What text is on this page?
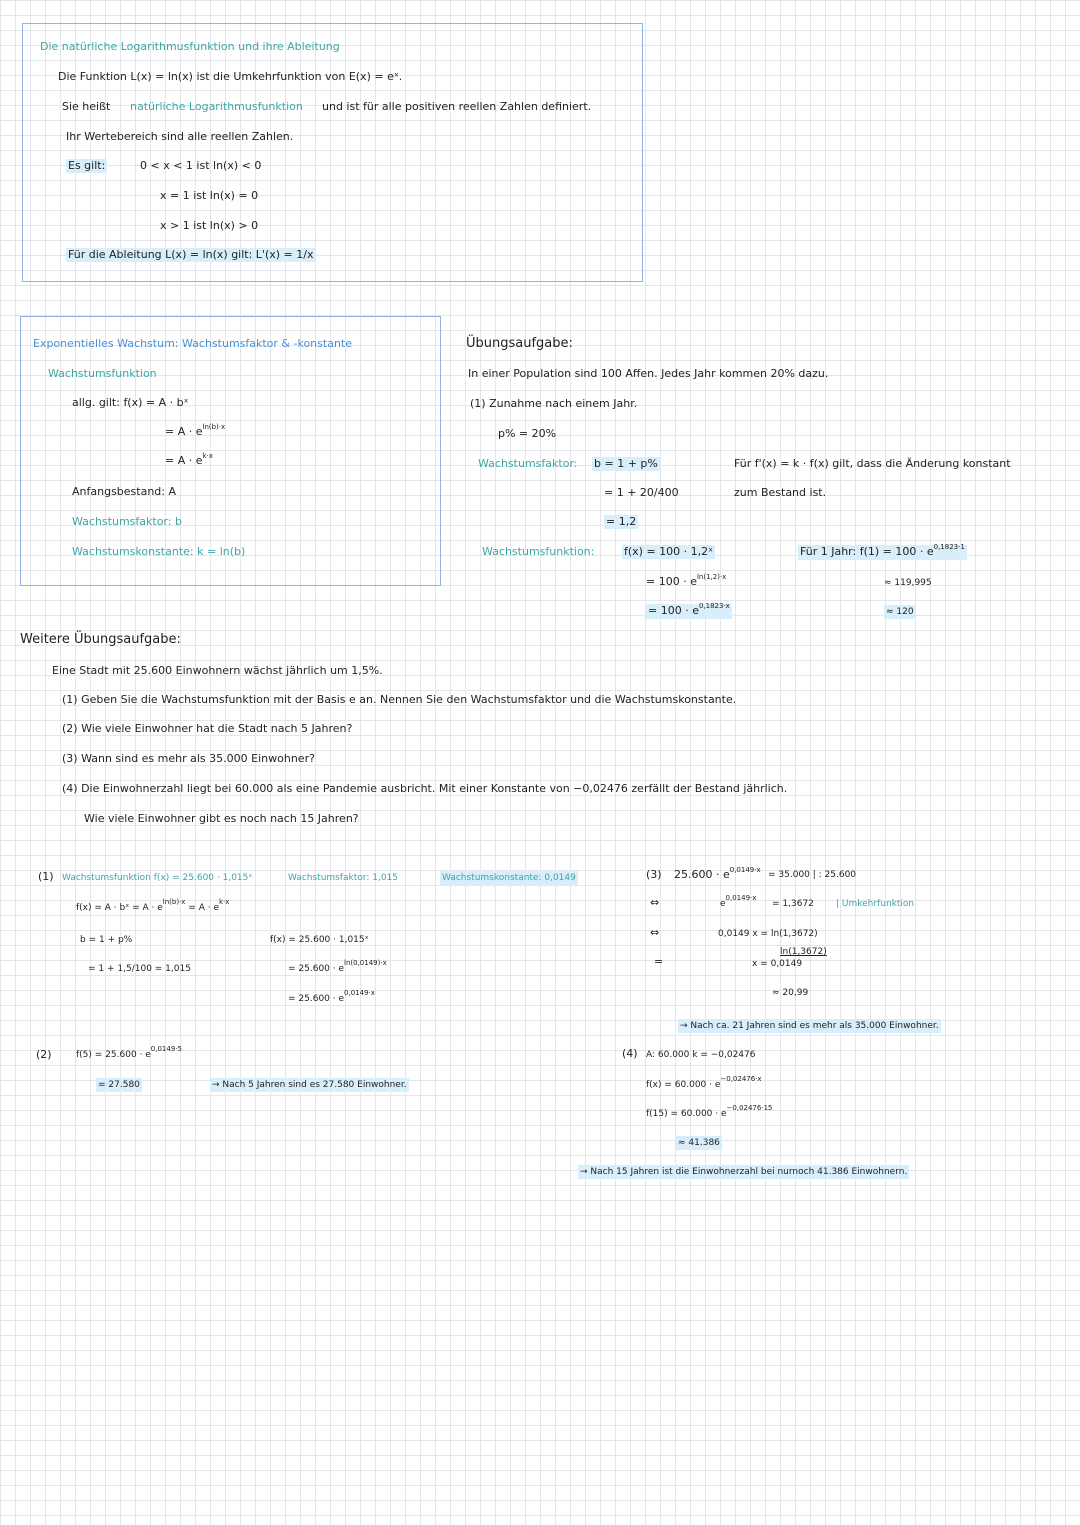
Die natürliche Logarithmusfunktion und ihre Ableitung
Die Funktion L(x) = ln(x) ist die Umkehrfunktion von E(x) = eˣ.
Sie heißt natürliche Logarithmusfunktion und ist für alle positiven reellen Zahlen definiert.
Ihr Wertebereich sind alle reellen Zahlen.
Es gilt:	0 < x < 1 ist ln(x) < 0
x = 1 ist ln(x) = 0
x > 1 ist ln(x) > 0
Für die Ableitung L(x) = ln(x) gilt: L'(x) = 1/x
Exponentielles Wachstum: Wachstumsfaktor & -konstante
Wachstumsfunktion
allg. gilt: f(x) = A · bˣ
= $A \cdot e^{ln(b)\cdot x}$
= $A \cdot e^{k\cdot x}$
Anfangsbestand: A
Wachstumsfaktor: b
Wachstumskonstante: k = ln(b)
Übungsaufgabe:
In einer Population sind 100 Affen. Jedes Jahr kommen 20% dazu.
(1) Zunahme nach einem Jahr.
p% = 20%
Wachstumsfaktor: b = 1 + p%
= 1 + 20/400
= 1,2
Wachstumsfunktion:	f(x) = 100 · 1,2ˣ
= $100 \cdot e^{ln(1,2)\cdot x}$
= $100 \cdot e^{0,1823\cdot x}$
Für f'(x) = k · f(x) gilt, dass die Änderung konstant
zum Bestand ist.
Für 1 Jahr: $f(1) = 100 \cdot e^{0,1823\cdot 1}$
≈ 119,995
≈ 120
Weitere Übungsaufgabe:
Eine Stadt mit 25.600 Einwohnern wächst jährlich um 1,5%.
(1) Geben Sie die Wachstumsfunktion mit der Basis e an. Nennen Sie den Wachstumsfaktor und die Wachstumskonstante.
(2) Wie viele Einwohner hat die Stadt nach 5 Jahren?
(3) Wann sind es mehr als 35.000 Einwohner?
(4) Die Einwohnerzahl liegt bei 60.000 als eine Pandemie ausbricht. Mit einer Konstante von −0,02476 zerfällt der Bestand jährlich.
Wie viele Einwohner gibt es noch nach 15 Jahren?
(1) Wachstumsfunktion f(x) = 25.600 · 1,015ˣ	Wachstumsfaktor: 1,015	Wachstumskonstante: 0,0149
f(x) = A · bˣ = $A \cdot e^{ln(b)\cdot x} = A \cdot e^{k\cdot x}$
b = 1 + p%
= 1 + 1,5/100 = 1,015
f(x) = 25.600 · 1,015ˣ
= $25.600 \cdot e^{ln(0,0149)\cdot x}$
= $25.600 \cdot e^{0,0149\cdot x}$
(2)	$f(5) = 25.600 \cdot e^{0,0149\cdot 5}$
= 27.580	→ Nach 5 Jahren sind es 27.580 Einwohner.
(3) $25.600 \cdot e^{0,0149\cdot x} = 35.000$ | : 25.600
⇔	$e^{0,0149\cdot x}$
= 1,3672 | Umkehrfunktion
⇔	0,0149 x = ln(1,3672)
=
ln(1,3672)
x = 0,0149
≈ 20,99
→ Nach ca. 21 Jahren sind es mehr als 35.000 Einwohner.
(4) A: 60.000 k = −0,02476
$f(x) = 60.000 \cdot e^{-0,02476\cdot x}$
$f(15) = 60.000 \cdot e^{-0,02476\cdot 15}$
≈ 41.386
→ Nach 15 Jahren ist die Einwohnerzahl bei nurnoch 41.386 Einwohnern.
